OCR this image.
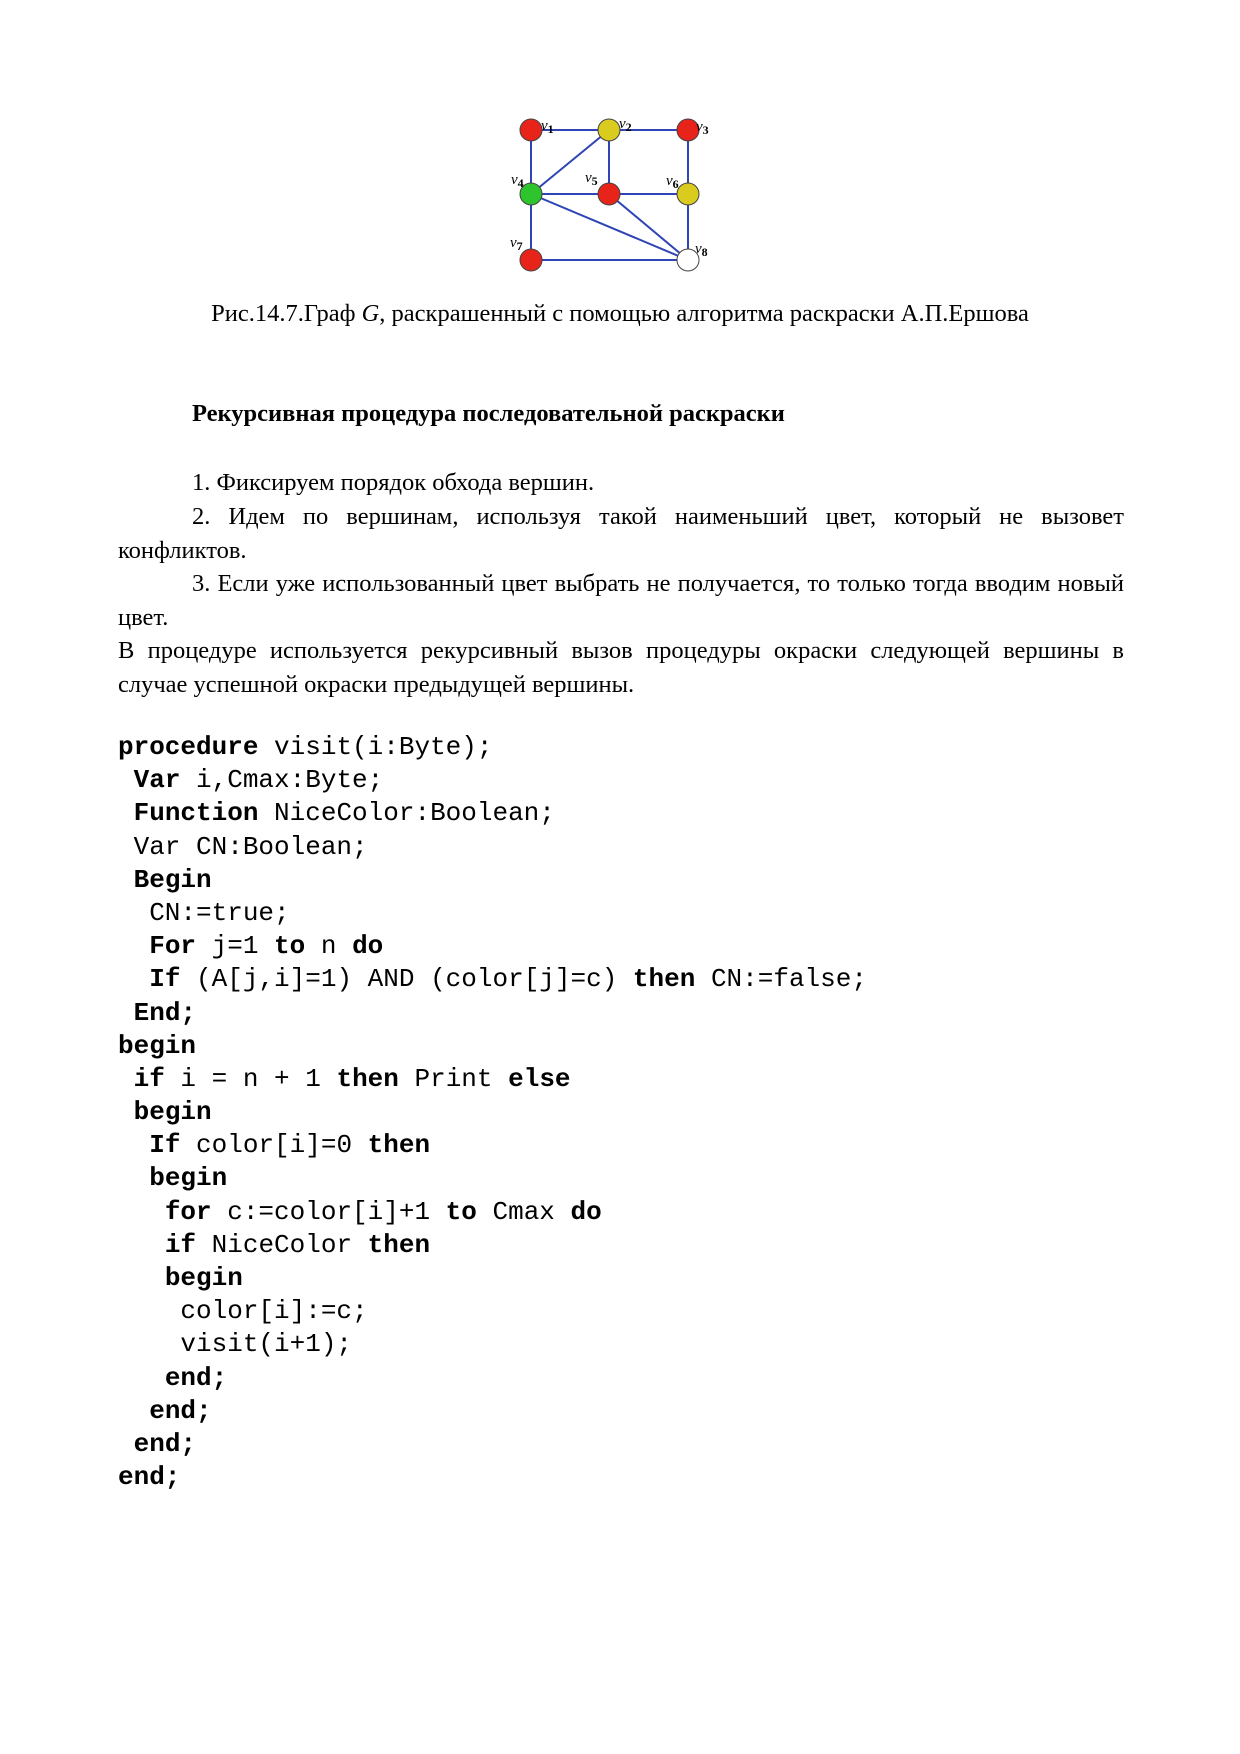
$v_1$	$v_2$	$v_3$
$v_4$	$v_5$	$v_6$
$v_7$	$v_8$
Рис.14.7.Граф G, раскрашенный с помощью алгоритма раскраски А.П.Ершова
Рекурсивная процедура последовательной раскраски
1. Фиксируем порядок обхода вершин.
2. Идем по вершинам, используя такой наименьший цвет, который не вызовет конфликтов.
3. Если уже использованный цвет выбрать не получается, то только тогда вводим новый цвет.
В процедуре используется рекурсивный вызов процедуры окраски следующей вершины в случае успешной окраски предыдущей вершины.
procedure visit(i:Byte);
Var i,Cmax:Byte;
Function NiceColor:Boolean;
Var CN:Boolean;
Begin
CN:=true;
For j=1 to n do
If (A[j,i]=1) AND (color[j]=c) then CN:=false;
End;
begin
if i = n + 1 then Print else
begin
If color[i]=0 then
begin
for c:=color[i]+1 to Cmax do
if NiceColor then
begin
color[i]:=c;
visit(i+1);
end;
end;
end;
end;
